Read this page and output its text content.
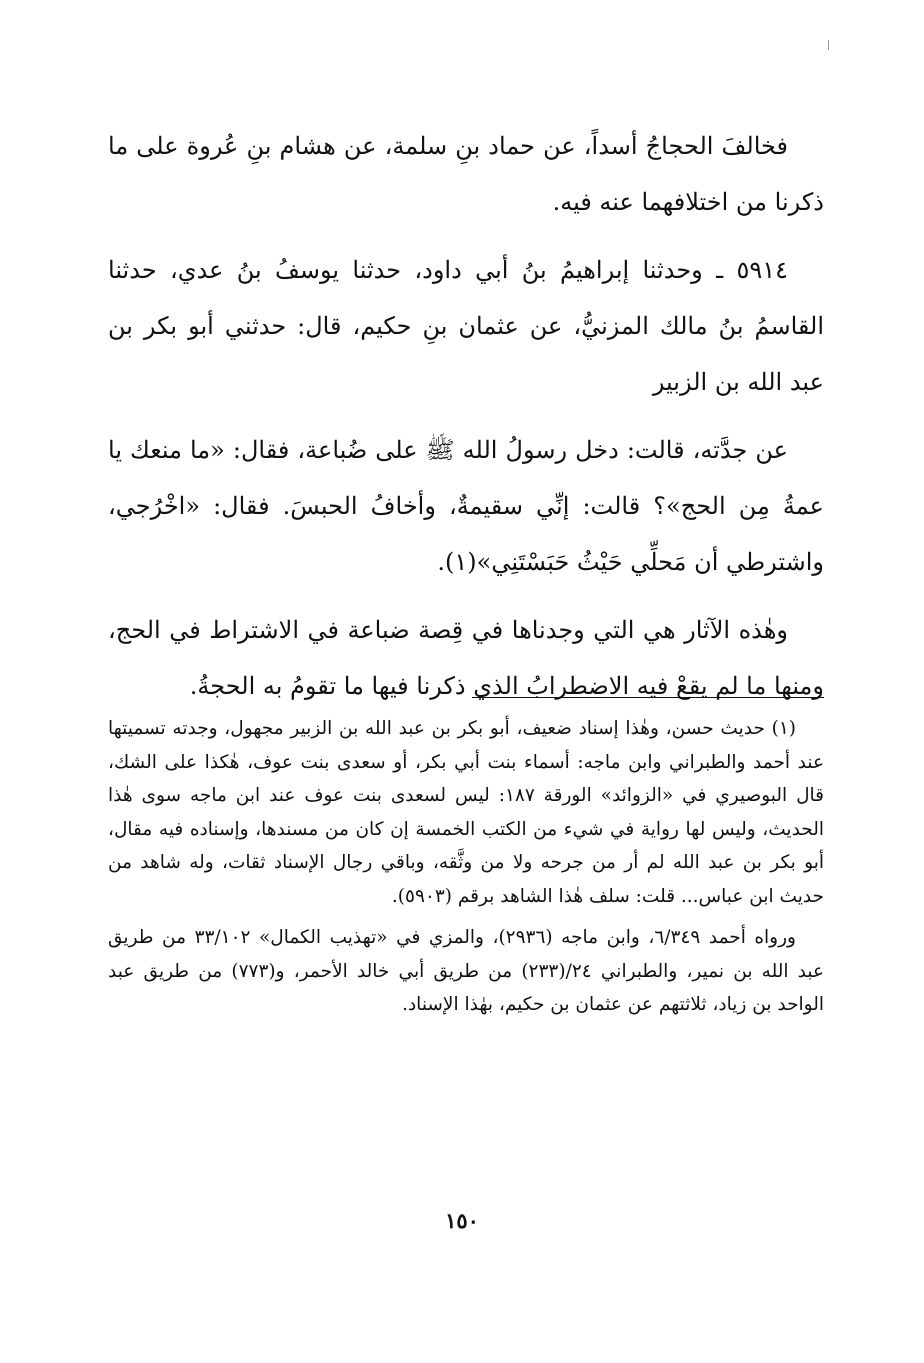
فخالفَ الحجاجُ أسداً، عن حماد بنِ سلمة، عن هشام بنِ عُروة على ما ذكرنا من اختلافهما عنه فيه.

٥٩١٤ ـ وحدثنا إبراهيمُ بنُ أبي داود، حدثنا يوسفُ بنُ عدي، حدثنا القاسمُ بنُ مالك المزنيُّ، عن عثمان بنِ حكيم، قال: حدثني أبو بكر بن عبد الله بن الزبير

عن جدَّته، قالت: دخل رسولُ الله ﷺ على ضُباعة، فقال: «ما منعك يا عمةُ مِن الحج»؟ قالت: إنِّي سقيمةٌ، وأخافُ الحبسَ. فقال: «اخْرُجي، واشترطي أن مَحلِّي حَيْثُ حَبَسْتَنِي»(١).

وهٰذه الآثار هي التي وجدناها في قِصة ضباعة في الاشتراط في الحج، ومنها ما لم يقعْ فيه الاضطرابُ الذي ذكرنا فيها ما تقومُ به الحجةُ.

(١) حديث حسن، وهٰذا إسناد ضعيف، أبو بكر بن عبد الله بن الزبير مجهول، وجدته تسميتها عند أحمد والطبراني وابن ماجه: أسماء بنت أبي بكر، أو سعدى بنت عوف، هٰكذا على الشك، قال البوصيري في «الزوائد» الورقة ١٨٧: ليس لسعدى بنت عوف عند ابن ماجه سوى هٰذا الحديث، وليس لها رواية في شيء من الكتب الخمسة إن كان من مسندها، وإسناده فيه مقال، أبو بكر بن عبد الله لم أر من جرحه ولا من وثَّقه، وباقي رجال الإسناد ثقات، وله شاهد من حديث ابن عباس... قلت: سلف هٰذا الشاهد برقم (٥٩٠٣).

ورواه أحمد ٦/٣٤٩، وابن ماجه (٢٩٣٦)، والمزي في «تهذيب الكمال» ٣٣/١٠٢ من طريق عبد الله بن نمير، والطبراني ٢٤/(٢٣٣) من طريق أبي خالد الأحمر، و(٧٧٣) من طريق عبد الواحد بن زياد، ثلاثتهم عن عثمان بن حكيم، بهٰذا الإسناد.

١٥٠
